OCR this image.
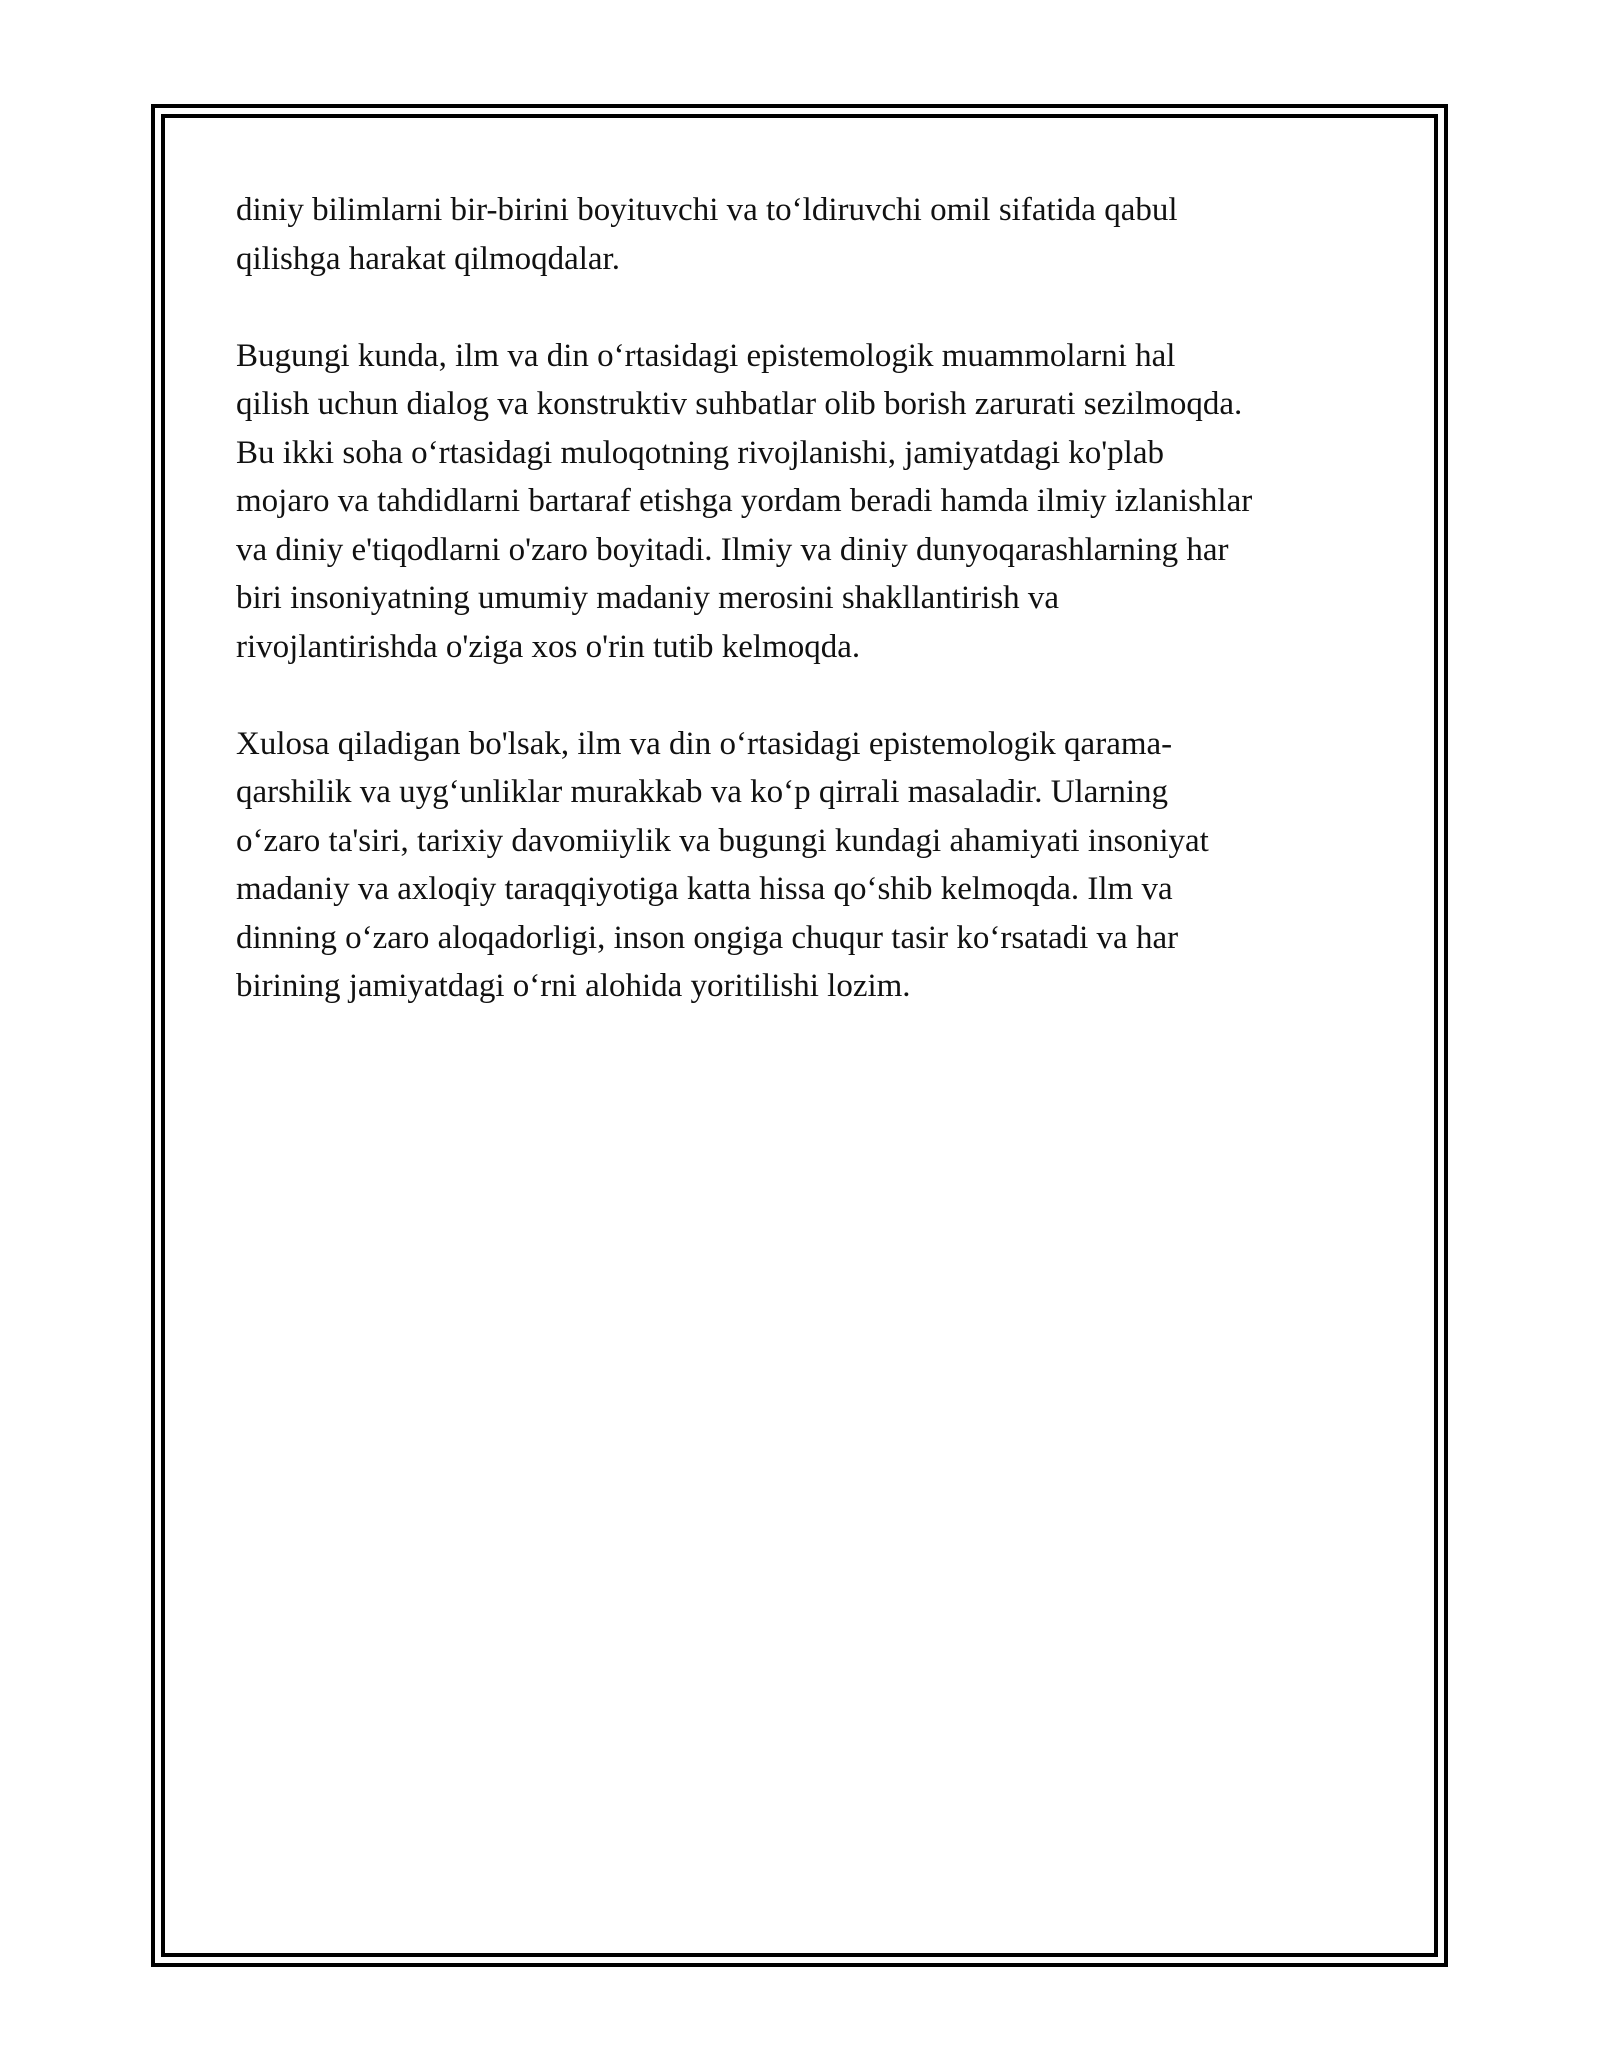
diniy bilimlarni bir-birini boyituvchi va to‘ldiruvchi omil sifatida qabul
qilishga harakat qilmoqdalar.

Bugungi kunda, ilm va din o‘rtasidagi epistemologik muammolarni hal
qilish uchun dialog va konstruktiv suhbatlar olib borish zarurati sezilmoqda.
Bu ikki soha o‘rtasidagi muloqotning rivojlanishi, jamiyatdagi ko'plab
mojaro va tahdidlarni bartaraf etishga yordam beradi hamda ilmiy izlanishlar
va diniy e'tiqodlarni o'zaro boyitadi. Ilmiy va diniy dunyoqarashlarning har
biri insoniyatning umumiy madaniy merosini shakllantirish va
rivojlantirishda o'ziga xos o'rin tutib kelmoqda.

Xulosa qiladigan bo'lsak, ilm va din o‘rtasidagi epistemologik qarama-
qarshilik va uyg‘unliklar murakkab va ko‘p qirrali masaladir. Ularning
o‘zaro ta'siri, tarixiy davomiiylik va bugungi kundagi ahamiyati insoniyat
madaniy va axloqiy taraqqiyotiga katta hissa qo‘shib kelmoqda. Ilm va
dinning o‘zaro aloqadorligi, inson ongiga chuqur tasir ko‘rsatadi va har
birining jamiyatdagi o‘rni alohida yoritilishi lozim.
